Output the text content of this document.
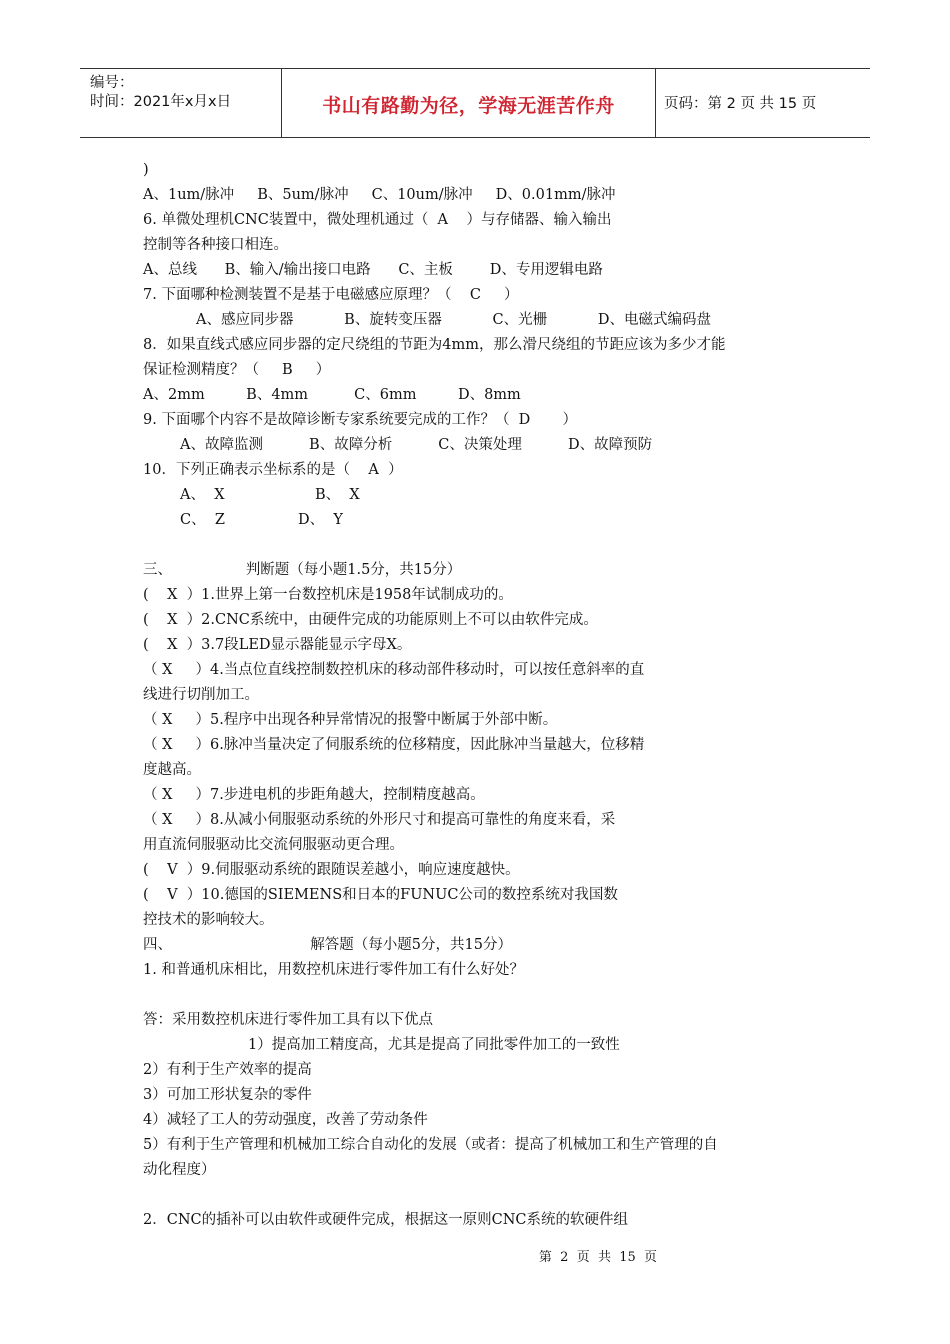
编号：
时间：2021年x月x日	书山有路勤为径，学海无涯苦作舟	页码：第 2 页 共 15 页
)
A、1um/脉冲     B、5um/脉冲     C、10um/脉冲     D、0.01mm/脉冲
6. 单微处理机CNC装置中，微处理机通过（  A    ）与存储器、输入输出
控制等各种接口相连。
A、总线      B、输入/输出接口电路      C、主板        D、专用逻辑电路
7. 下面哪种检测装置不是基于电磁感应原理？（    C     ）
A、感应同步器           B、旋转变压器           C、光栅           D、电磁式编码盘
8．如果直线式感应同步器的定尺绕组的节距为4mm，那么滑尺绕组的节距应该为多少才能
保证检测精度？（     B     ）
A、2mm         B、4mm          C、6mm         D、8mm
9. 下面哪个内容不是故障诊断专家系统要完成的工作？（  D       ）
A、故障监测          B、故障分析          C、决策处理          D、故障预防
10．下列正确表示坐标系的是（    A  ）
A、  X	B、  X
C、  Z	D、  Y
三、                判断题（每小题1.5分，共15分）
(    X  ）1.世界上第一台数控机床是1958年试制成功的。
(    X  ）2.CNC系统中，由硬件完成的功能原则上不可以由软件完成。
(    X  ）3.7段LED显示器能显示字母X。
（ X     ）4.当点位直线控制数控机床的移动部件移动时，可以按任意斜率的直
线进行切削加工。
（ X     ）5.程序中出现各种异常情况的报警中断属于外部中断。
（ X     ）6.脉冲当量决定了伺服系统的位移精度，因此脉冲当量越大，位移精
度越高。
（ X     ）7.步进电机的步距角越大，控制精度越高。
（ X     ）8.从减小伺服驱动系统的外形尺寸和提高可靠性的角度来看，采
用直流伺服驱动比交流伺服驱动更合理。
(    V  ）9.伺服驱动系统的跟随误差越小，响应速度越快。
(    V  ）10.德国的SIEMENS和日本的FUNUC公司的数控系统对我国数
控技术的影响较大。
四、                              解答题（每小题5分，共15分）
1. 和普通机床相比，用数控机床进行零件加工有什么好处？
答：采用数控机床进行零件加工具有以下优点
1）提高加工精度高，尤其是提高了同批零件加工的一致性
2）有利于生产效率的提高
3）可加工形状复杂的零件
4）减轻了工人的劳动强度，改善了劳动条件
5）有利于生产管理和机械加工综合自动化的发展（或者：提高了机械加工和生产管理的自
动化程度）
2．CNC的插补可以由软件或硬件完成，根据这一原则CNC系统的软硬件组
第  2  页  共  15  页
